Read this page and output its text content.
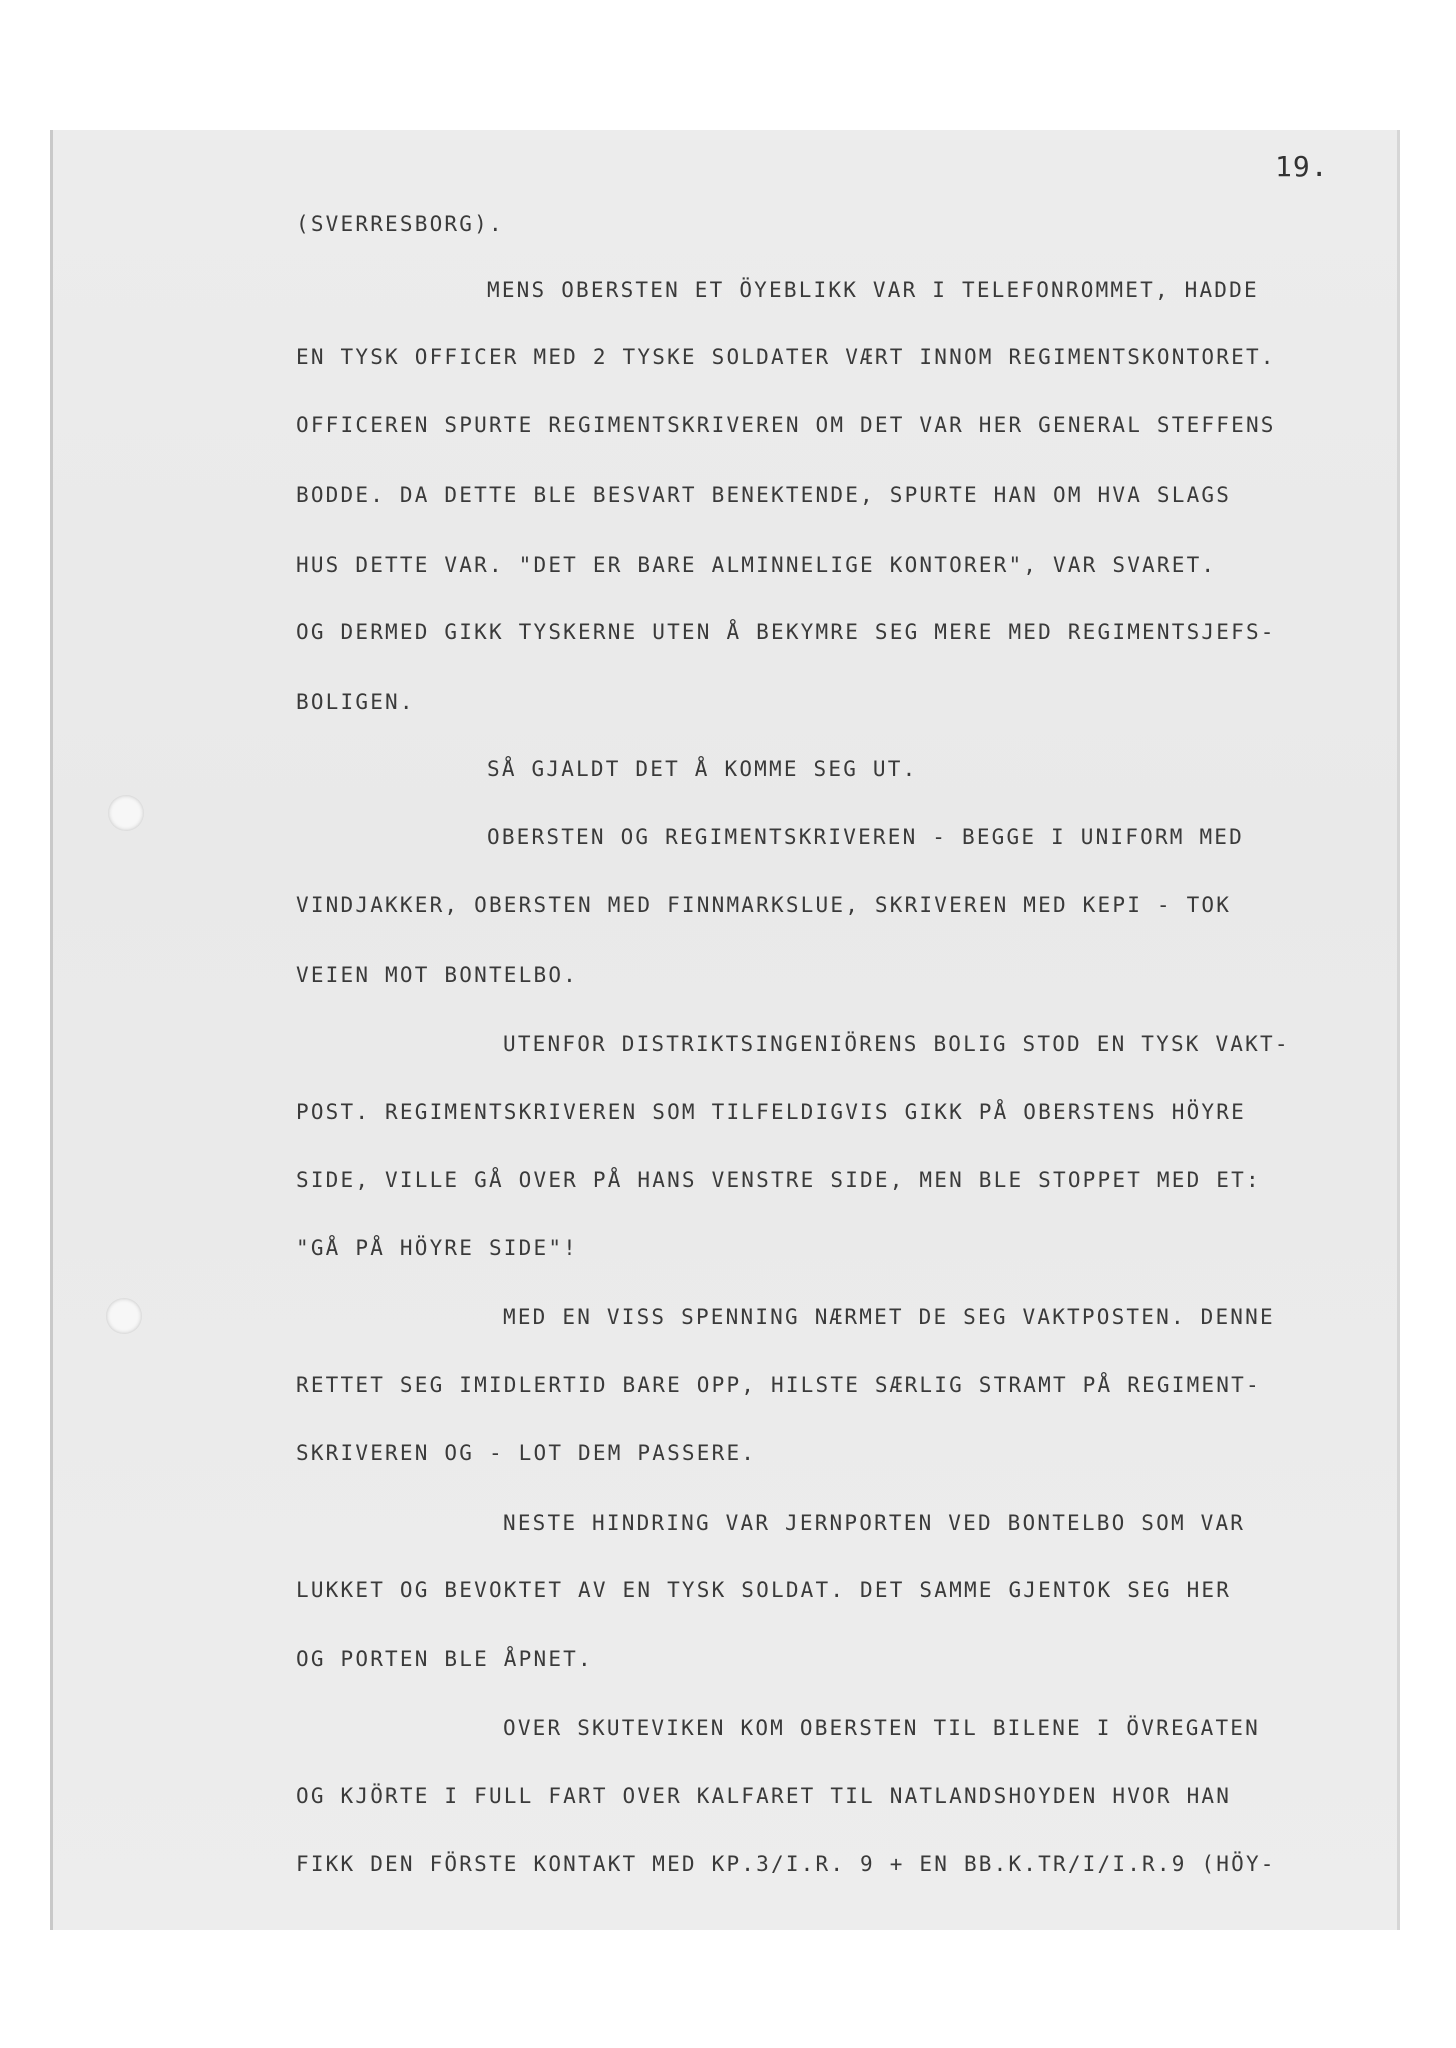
19.
(SVERRESBORG).
MENS OBERSTEN ET ÖYEBLIKK VAR I TELEFONROMMET, HADDE
EN TYSK OFFICER MED 2 TYSKE SOLDATER VÆRT INNOM REGIMENTSKONTORET.
OFFICEREN SPURTE REGIMENTSKRIVEREN OM DET VAR HER GENERAL STEFFENS
BODDE. DA DETTE BLE BESVART BENEKTENDE, SPURTE HAN OM HVA SLAGS
HUS DETTE VAR. "DET ER BARE ALMINNELIGE KONTORER", VAR SVARET.
OG DERMED GIKK TYSKERNE UTEN Å BEKYMRE SEG MERE MED REGIMENTSJEFS-
BOLIGEN.
SÅ GJALDT DET Å KOMME SEG UT.
OBERSTEN OG REGIMENTSKRIVEREN - BEGGE I UNIFORM MED
VINDJAKKER, OBERSTEN MED FINNMARKSLUE, SKRIVEREN MED KEPI - TOK
VEIEN MOT BONTELBO.
UTENFOR DISTRIKTSINGENIÖRENS BOLIG STOD EN TYSK VAKT-
POST. REGIMENTSKRIVEREN SOM TILFELDIGVIS GIKK PÅ OBERSTENS HÖYRE
SIDE, VILLE GÅ OVER PÅ HANS VENSTRE SIDE, MEN BLE STOPPET MED ET:
"GÅ PÅ HÖYRE SIDE"!
MED EN VISS SPENNING NÆRMET DE SEG VAKTPOSTEN. DENNE
RETTET SEG IMIDLERTID BARE OPP, HILSTE SÆRLIG STRAMT PÅ REGIMENT-
SKRIVEREN OG - LOT DEM PASSERE.
NESTE HINDRING VAR JERNPORTEN VED BONTELBO SOM VAR
LUKKET OG BEVOKTET AV EN TYSK SOLDAT. DET SAMME GJENTOK SEG HER
OG PORTEN BLE ÅPNET.
OVER SKUTEVIKEN KOM OBERSTEN TIL BILENE I ÖVREGATEN
OG KJÖRTE I FULL FART OVER KALFARET TIL NATLANDSHOYDEN HVOR HAN
FIKK DEN FÖRSTE KONTAKT MED KP.3/I.R. 9 + EN BB.K.TR/I/I.R.9 (HÖY-
